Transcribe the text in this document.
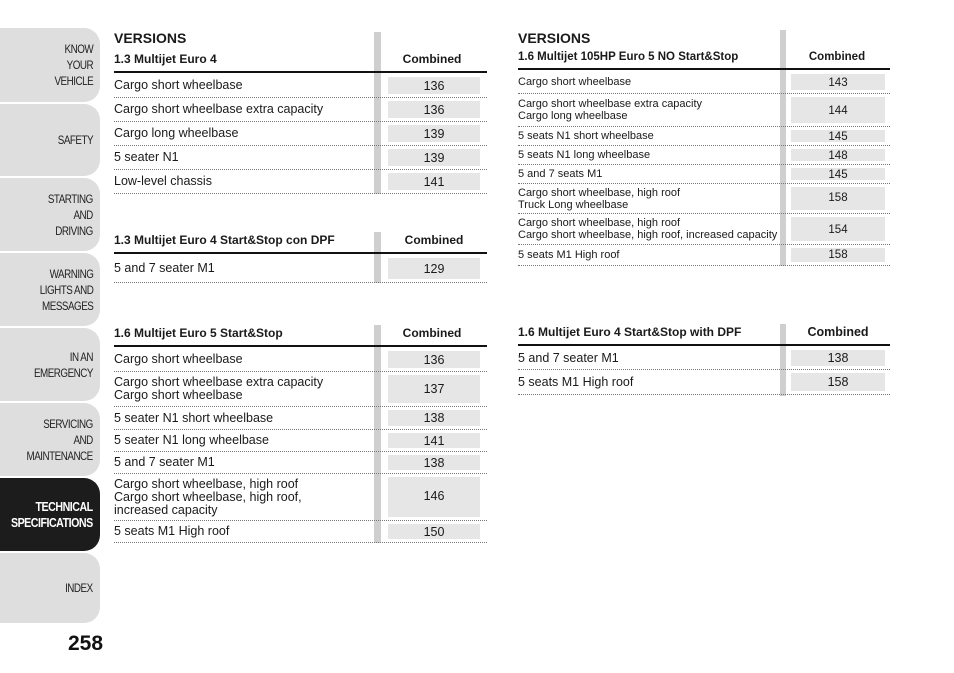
KNOW
YOUR
VEHICLE
SAFETY
STARTING
AND
DRIVING
WARNING
LIGHTS AND
MESSAGES
IN AN
EMERGENCY
SERVICING
AND
MAINTENANCE
TECHNICAL
SPECIFICATIONS
INDEX
258
VERSIONS
1.3 Multijet Euro 4	Combined
Cargo short wheelbase	136
Cargo short wheelbase extra capacity	136
Cargo long wheelbase	139
5 seater N1	139
Low-level chassis	141
1.3 Multijet Euro 4 Start&Stop con DPF	Combined
5 and 7 seater M1	129
1.6 Multijet Euro 5 Start&Stop	Combined
Cargo short wheelbase	136
Cargo short wheelbase extra capacity
Cargo short wheelbase	137
5 seater N1 short wheelbase	138
5 seater N1 long wheelbase	141
5 and 7 seater M1	138
Cargo short wheelbase, high roof
Cargo short wheelbase, high roof,
increased capacity
146
5 seats M1 High roof	150
VERSIONS
1.6 Multijet 105HP Euro 5 NO Start&Stop	Combined
Cargo short wheelbase	143
Cargo short wheelbase extra capacity
Cargo long wheelbase	144
5 seats N1 short wheelbase	145
5 seats N1 long wheelbase	148
5 and 7 seats M1	145
Cargo short wheelbase, high roof
Truck Long wheelbase
158
Cargo short wheelbase, high roof
Cargo short wheelbase, high roof, increased capacity	154
5 seats M1 High roof	158
1.6 Multijet Euro 4 Start&Stop with DPF	Combined
5 and 7 seater M1	138
5 seats M1 High roof	158
